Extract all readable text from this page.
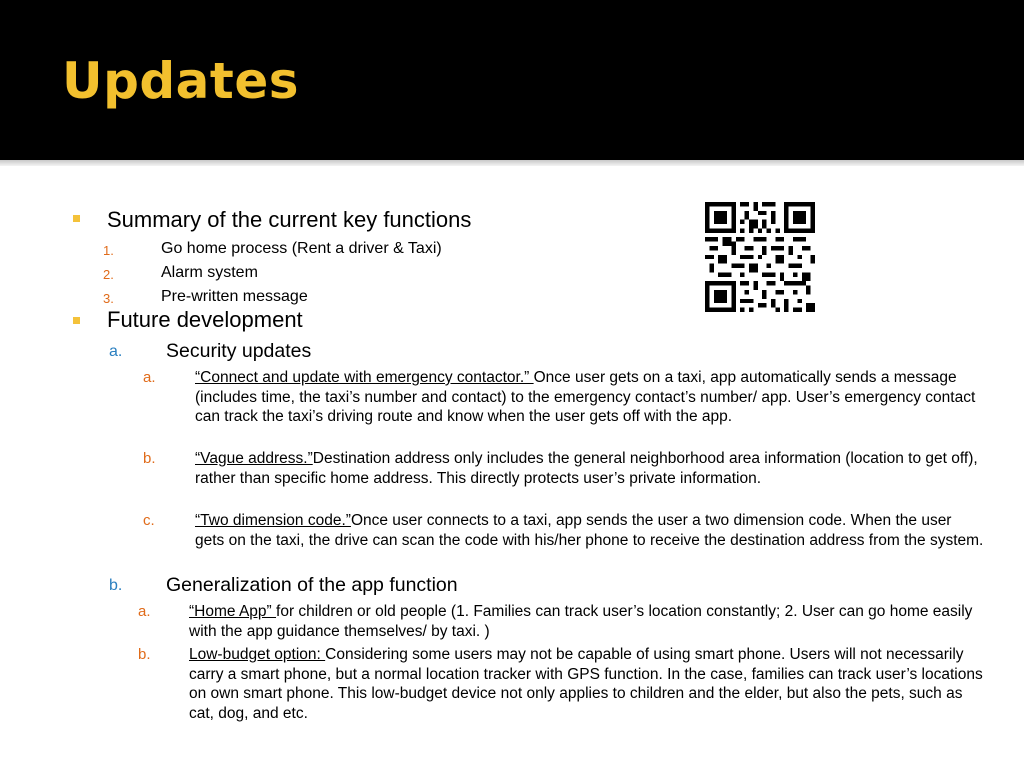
Updates
Summary of the current key functions
1.	Go home process (Rent a driver & Taxi)
2.	Alarm system
3.	Pre-written message
Future development
a. Security updates
a.	“Connect and update with emergency contactor.” Once user gets on a taxi, app automatically sends a message (includes time, the taxi’s number and contact) to the emergency contact’s number/ app. User’s emergency contact can track the taxi’s driving route and know when the user gets off with the app.
b.	“Vague address.”Destination address only includes the general neighborhood area information (location to get off), rather than specific home address. This directly protects user’s private information.
c.	“Two dimension code.”Once user connects to a taxi, app sends the user a two dimension code. When the user gets on the taxi, the drive can scan the code with his/her phone to receive the destination address from the system.
b. Generalization of the app function
a. “Home App” for children or old people (1. Families can track user’s location constantly; 2. User can go home easily with the app guidance themselves/ by taxi. )
b. Low-budget option: Considering some users may not be capable of using smart phone. Users will not necessarily carry a smart phone, but a normal location tracker with GPS function. In the case, families can track user’s locations on own smart phone. This low-budget device not only applies to children and the elder, but also the pets, such as cat, dog, and etc.
